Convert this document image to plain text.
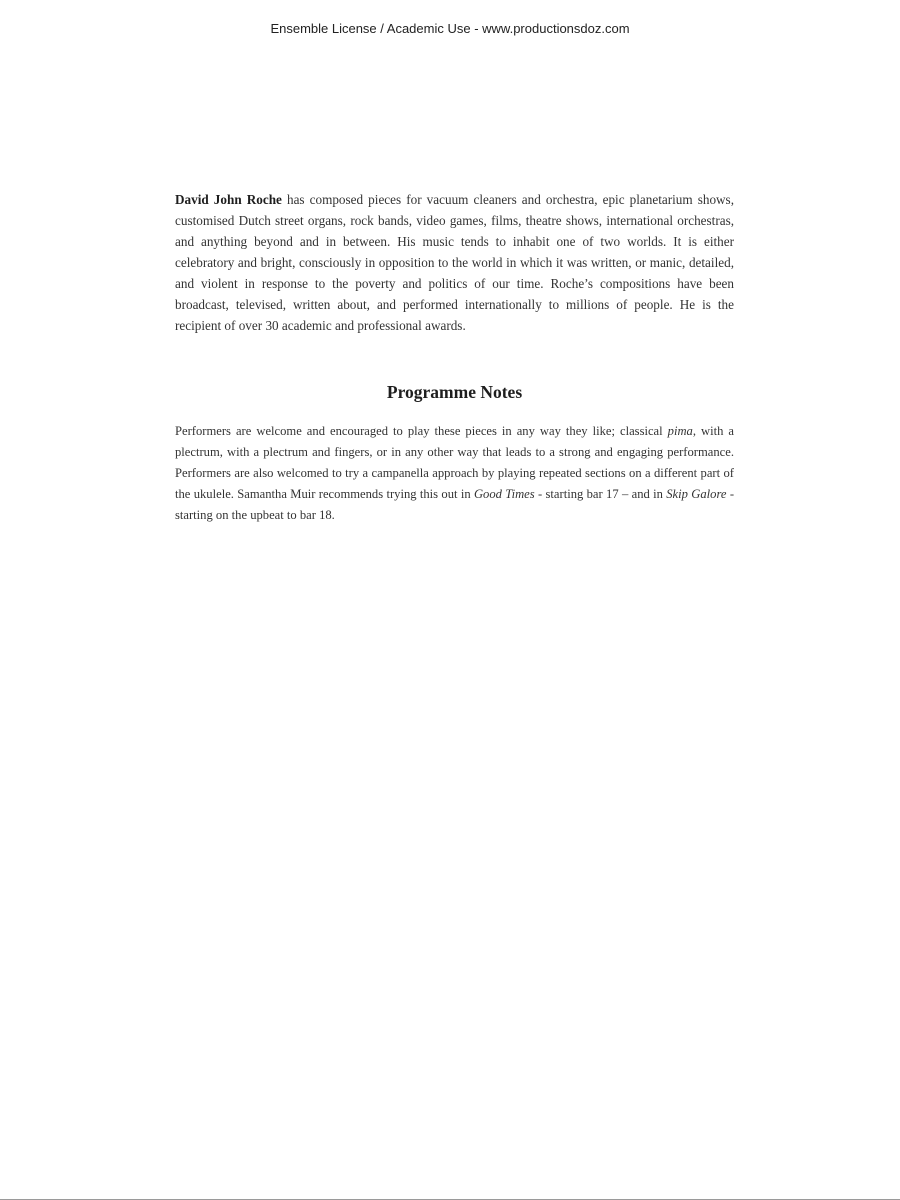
Ensemble License / Academic Use - www.productionsdoz.com

David John Roche has composed pieces for vacuum cleaners and orchestra, epic planetarium shows, customised Dutch street organs, rock bands, video games, films, theatre shows, international orchestras, and anything beyond and in between. His music tends to inhabit one of two worlds. It is either celebratory and bright, consciously in opposition to the world in which it was written, or manic, detailed, and violent in response to the poverty and politics of our time. Roche’s compositions have been broadcast, televised, written about, and performed internationally to millions of people. He is the recipient of over 30 academic and professional awards.

Programme Notes

Performers are welcome and encouraged to play these pieces in any way they like; classical pima, with a plectrum, with a plectrum and fingers, or in any other way that leads to a strong and engaging performance. Performers are also welcomed to try a campanella approach by playing repeated sections on a different part of the ukulele. Samantha Muir recommends trying this out in Good Times - starting bar 17 – and in Skip Galore - starting on the upbeat to bar 18.
